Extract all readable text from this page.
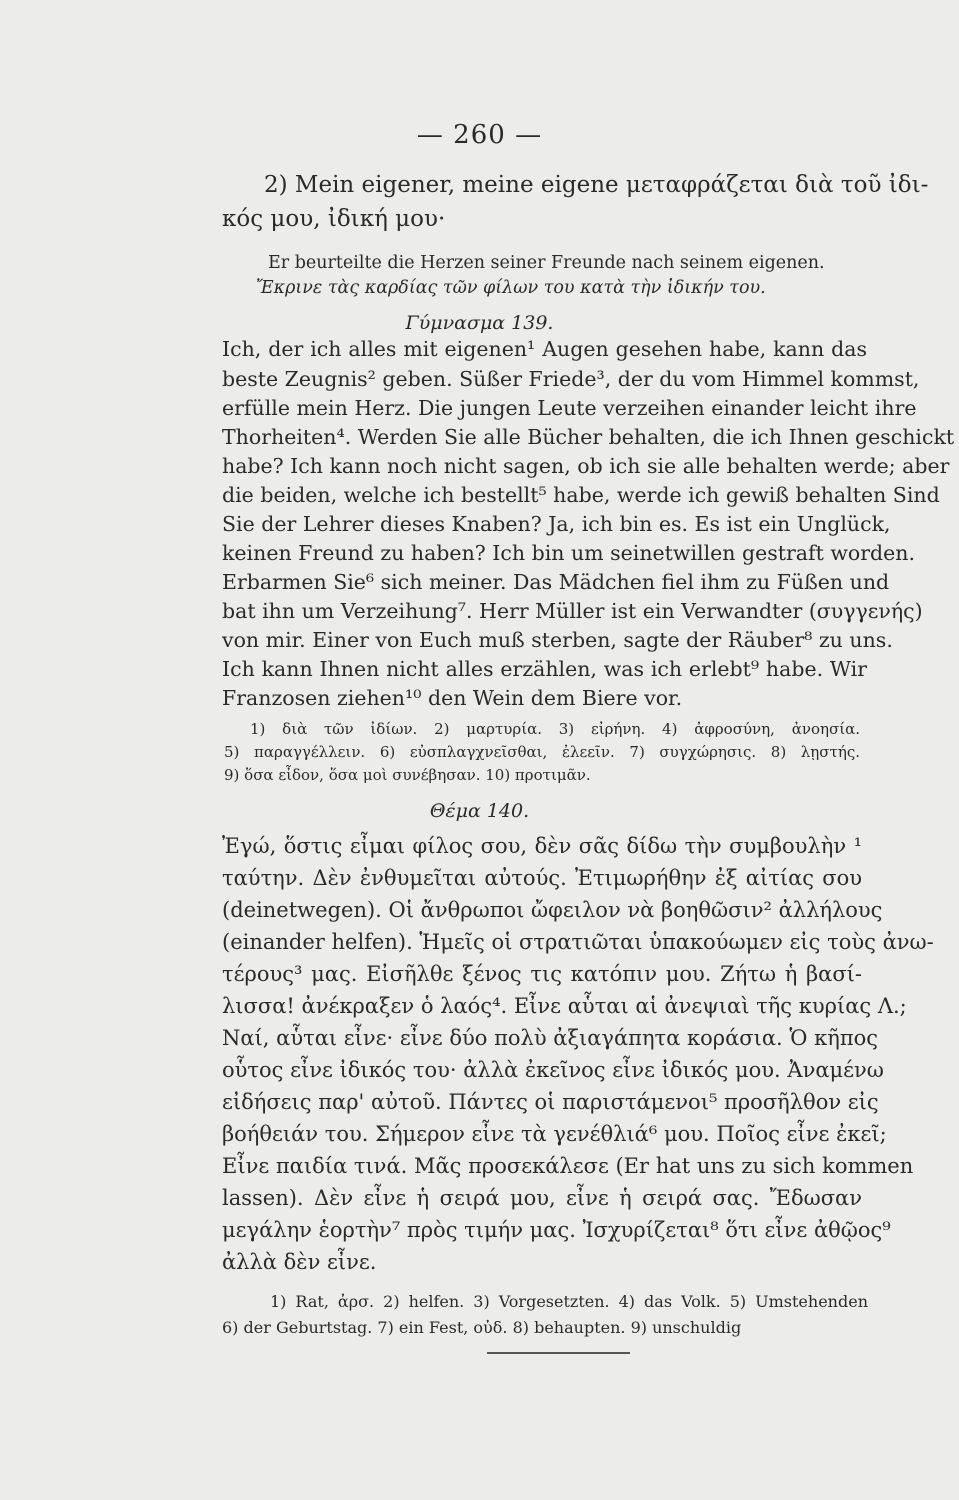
— 260 —
2) Mein eigener, meine eigene μεταφράζεται διὰ τοῦ ἰδι-
κός μου, ἰδική μου·
Er beurteilte die Herzen seiner Freunde nach seinem eigenen.
Ἔκρινε τὰς καρδίας τῶν φίλων του κατὰ τὴν ἰδικήν του.
Γύμνασμα 139.
Ich, der ich alles mit eigenen¹ Augen gesehen habe, kann das
beste Zeugnis² geben. Süßer Friede³, der du vom Himmel kommst,
erfülle mein Herz. Die jungen Leute verzeihen einander leicht ihre
Thorheiten⁴. Werden Sie alle Bücher behalten, die ich Ihnen geschickt
habe? Ich kann noch nicht sagen, ob ich sie alle behalten werde; aber
die beiden, welche ich bestellt⁵ habe, werde ich gewiß behalten Sind
Sie der Lehrer dieses Knaben? Ja, ich bin es. Es ist ein Unglück,
keinen Freund zu haben? Ich bin um seinetwillen gestraft worden.
Erbarmen Sie⁶ sich meiner. Das Mädchen fiel ihm zu Füßen und
bat ihn um Verzeihung⁷. Herr Müller ist ein Verwandter (συγγενής)
von mir. Einer von Euch muß sterben, sagte der Räuber⁸ zu uns.
Ich kann Ihnen nicht alles erzählen, was ich erlebt⁹ habe. Wir
Franzosen ziehen¹⁰ den Wein dem Biere vor.
1) διὰ τῶν ἰδίων. 2) μαρτυρία. 3) εἰρήνη. 4) ἀφροσύνη, ἀνοησία.
5) παραγγέλλειν. 6) εὐσπλαγχνεῖσθαι, ἐλεεῖν. 7) συγχώρησις. 8) λῃστής.
9) ὅσα εἶδον, ὅσα μοὶ συνέβησαν. 10) προτιμᾶν.
Θέμα 140.
Ἐγώ, ὅστις εἶμαι φίλος σου, δὲν σᾶς δίδω τὴν συμβουλὴν ¹
ταύτην. Δὲν ἐνθυμεῖται αὐτούς. Ἐτιμωρήθην ἐξ αἰτίας σου
(deinetwegen). Οἱ ἄνθρωποι ὤφειλον νὰ βοηθῶσιν² ἀλλήλους
(einander helfen). Ἡμεῖς οἱ στρατιῶται ὑπακούωμεν εἰς τοὺς ἀνω-
τέρους³ μας. Εἰσῆλθε ξένος τις κατόπιν μου. Ζήτω ἡ βασί-
λισσα! ἀνέκραξεν ὁ λαός⁴. Εἶνε αὗται αἱ ἀνεψιαὶ τῆς κυρίας Λ.;
Ναί, αὗται εἶνε· εἶνε δύο πολὺ ἀξιαγάπητα κοράσια. Ὁ κῆπος
οὗτος εἶνε ἰδικός του· ἀλλὰ ἐκεῖνος εἶνε ἰδικός μου. Ἀναμένω
εἰδήσεις παρ' αὐτοῦ. Πάντες οἱ παριστάμενοι⁵ προσῆλθον εἰς
βοήθειάν του. Σήμερον εἶνε τὰ γενέθλιά⁶ μου. Ποῖος εἶνε ἐκεῖ;
Εἶνε παιδία τινά. Μᾶς προσεκάλεσε (Er hat uns zu sich kommen
lassen). Δὲν εἶνε ἡ σειρά μου, εἶνε ἡ σειρά σας. Ἔδωσαν
μεγάλην ἑορτὴν⁷ πρὸς τιμήν μας. Ἰσχυρίζεται⁸ ὅτι εἶνε ἀθῷος⁹
ἀλλὰ δὲν εἶνε.
1) Rat, ἀρσ. 2) helfen. 3) Vorgesetzten. 4) das Volk. 5) Umstehenden
6) der Geburtstag. 7) ein Fest, οὐδ. 8) behaupten. 9) unschuldig
